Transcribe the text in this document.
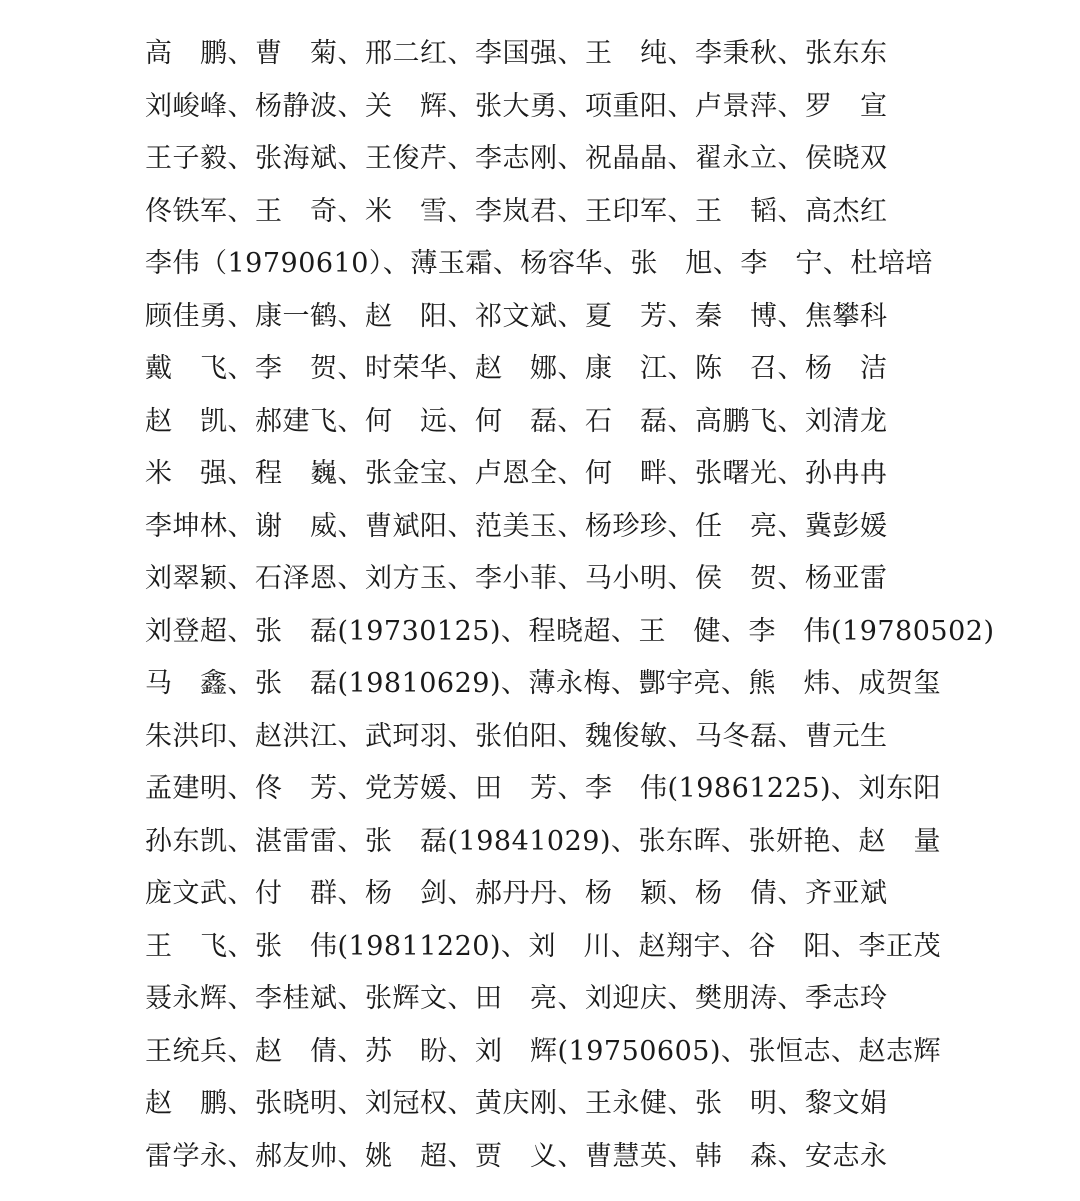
高　鹏、曹　菊、邢二红、李国强、王　纯、李秉秋、张东东
刘峻峰、杨静波、关　辉、张大勇、项重阳、卢景萍、罗　宣
王子毅、张海斌、王俊芹、李志刚、祝晶晶、翟永立、侯晓双
佟铁军、王　奇、米　雪、李岚君、王印军、王　韬、高杰红
李伟（19790610）、薄玉霜、杨容华、张　旭、李　宁、杜培培
顾佳勇、康一鹤、赵　阳、祁文斌、夏　芳、秦　博、焦攀科
戴　飞、李　贺、时荣华、赵　娜、康　江、陈　召、杨　洁
赵　凯、郝建飞、何　远、何　磊、石　磊、高鹏飞、刘清龙
米　强、程　巍、张金宝、卢恩全、何　畔、张曙光、孙冉冉
李坤林、谢　威、曹斌阳、范美玉、杨珍珍、任　亮、冀彭媛
刘翠颖、石泽恩、刘方玉、李小菲、马小明、侯　贺、杨亚雷
刘登超、张　磊(19730125)、程晓超、王　健、李　伟(19780502)
马　鑫、张　磊(19810629)、薄永梅、酆宇亮、熊　炜、成贺玺
朱洪印、赵洪江、武珂羽、张伯阳、魏俊敏、马冬磊、曹元生
孟建明、佟　芳、党芳媛、田　芳、李　伟(19861225)、刘东阳
孙东凯、湛雷雷、张　磊(19841029)、张东晖、张妍艳、赵　量
庞文武、付　群、杨　剑、郝丹丹、杨　颖、杨　倩、齐亚斌
王　飞、张　伟(19811220)、刘　川、赵翔宇、谷　阳、李正茂
聂永辉、李桂斌、张辉文、田　亮、刘迎庆、樊朋涛、季志玲
王统兵、赵　倩、苏　盼、刘　辉(19750605)、张恒志、赵志辉
赵　鹏、张晓明、刘冠权、黄庆刚、王永健、张　明、黎文娟
雷学永、郝友帅、姚　超、贾　义、曹慧英、韩　森、安志永
